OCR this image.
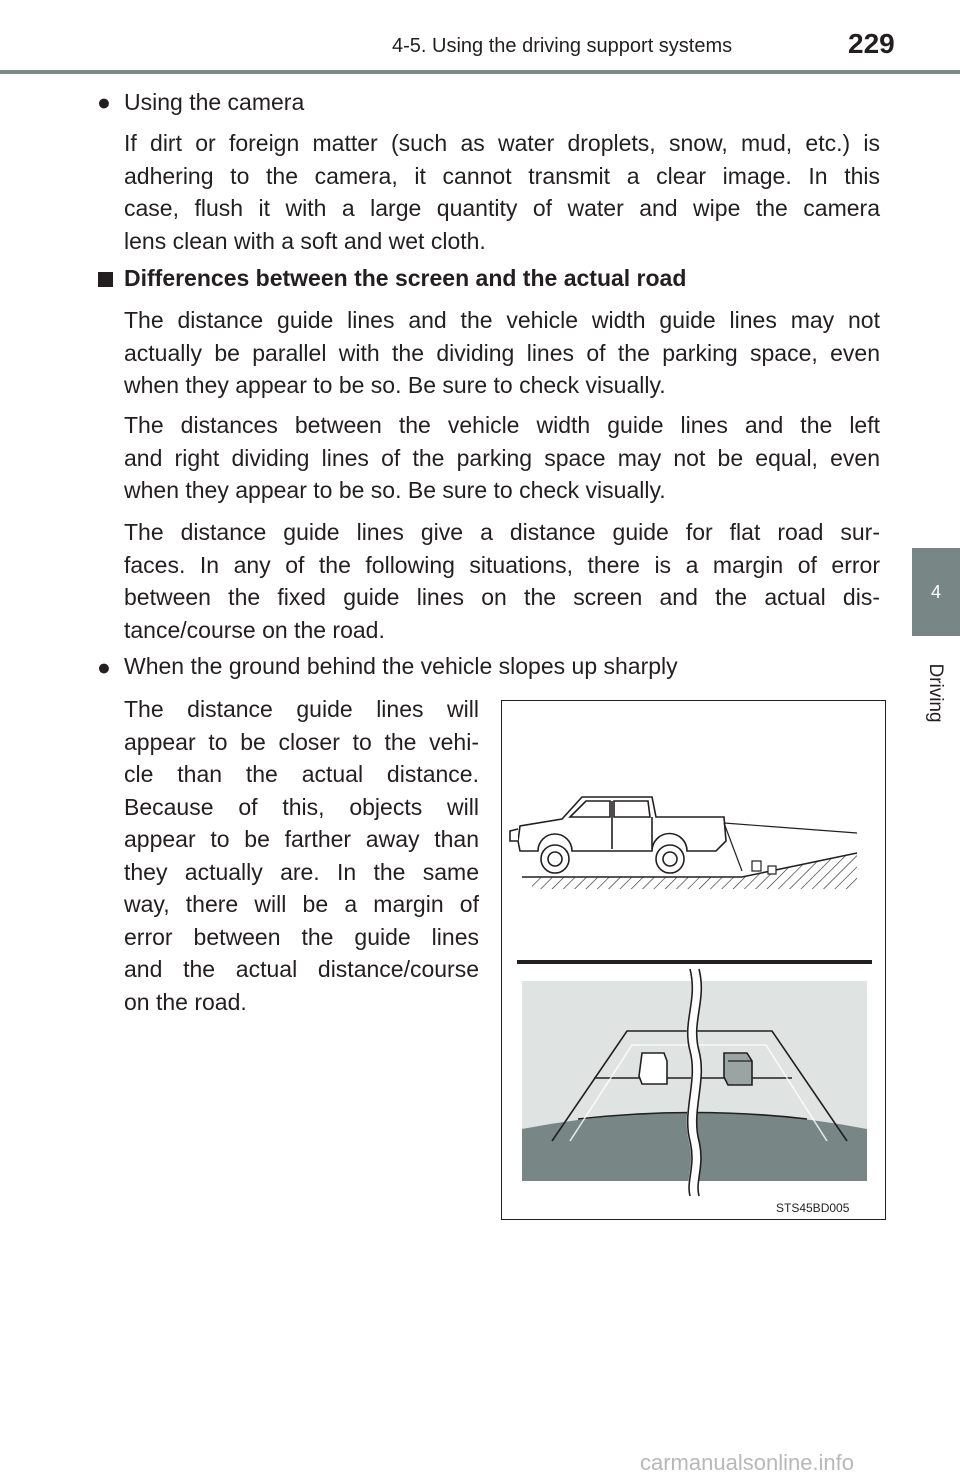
4-5. Using the driving support systems	229
4
Driving
● Using the camera
If dirt or foreign matter (such as water droplets, snow, mud, etc.) is
adhering to the camera, it cannot transmit a clear image. In this
case, flush it with a large quantity of water and wipe the camera
lens clean with a soft and wet cloth.
Differences between the screen and the actual road
The distance guide lines and the vehicle width guide lines may not
actually be parallel with the dividing lines of the parking space, even
when they appear to be so. Be sure to check visually.
The distances between the vehicle width guide lines and the left
and right dividing lines of the parking space may not be equal, even
when they appear to be so. Be sure to check visually.
The distance guide lines give a distance guide for flat road sur-
faces. In any of the following situations, there is a margin of error
between the fixed guide lines on the screen and the actual dis-
tance/course on the road.
● When the ground behind the vehicle slopes up sharply
The distance guide lines will
appear to be closer to the vehi-
cle than the actual distance.
Because of this, objects will
appear to be farther away than
they actually are. In the same
way, there will be a margin of
error between the guide lines
and the actual distance/course
on the road.
STS45BD005
carmanualsonline.info
